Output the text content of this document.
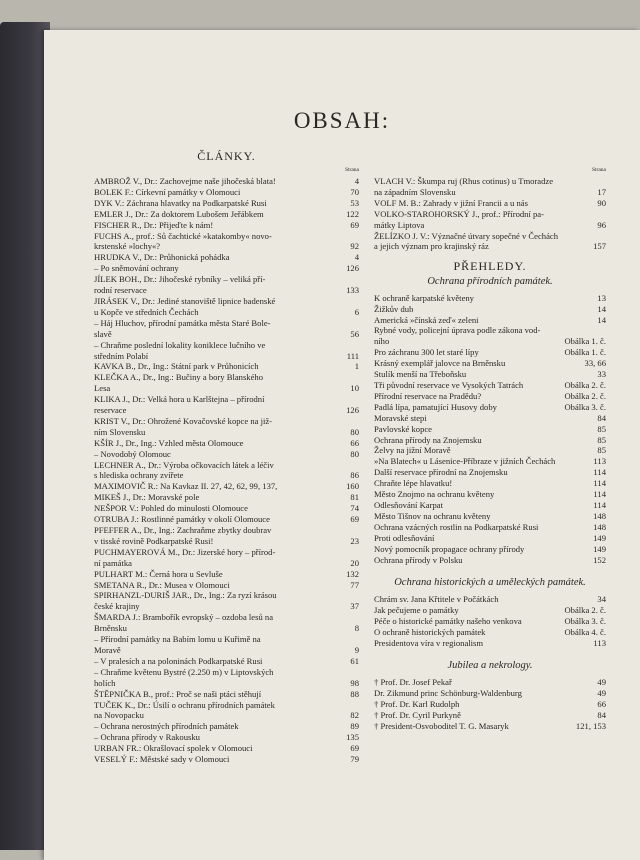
OBSAH:
ČLÁNKY.
Strana
AMBROŽ V., Dr.: Zachovejme naše jihočeská blata!	4
BOLEK F.: Církevní památky v Olomouci	70
DYK V.: Záchrana hlavatky na Podkarpatské Rusi	53
EMLER J., Dr.: Za doktorem Lubošem Jeřábkem	122
FISCHER R., Dr.: Přijeďte k nám!	69
FUCHS A., prof.: Sů čachtické »katakomby« novo-
krstenské »lochy«?	92
HRUDKA V., Dr.: Průhonická pohádka	4
– Po sněmování ochrany	126
JÍLEK BOH., Dr.: Jihočeské rybníky – veliká pří-
rodní reservace	133
JIRÁSEK V., Dr.: Jediné stanoviště lipnice badenské
u Kopče ve středních Čechách	6
– Háj Hluchov, přírodní památka města Staré Bole-
slavě	56
– Chraňme poslední lokality koniklece lučního ve
středním Polabí	111
KAVKA B., Dr., Ing.: Státní park v Průhonicích	1
KLEČKA A., Dr., Ing.: Bučiny a bory Blanského
Lesa	10
KLIKA J., Dr.: Velká hora u Karlštejna – přírodní
reservace	126
KRIST V., Dr.: Ohrožené Kovačovské kopce na již-
ním Slovensku	80
KŠÍR J., Dr., Ing.: Vzhled města Olomouce	66
– Novodobý Olomouc	80
LECHNER A., Dr.: Výroba očkovacích látek a léčiv
s hlediska ochrany zvířete	86
MAXIMOVIČ R.: Na Kavkaz II. 27, 42, 62, 99, 137,	160
MIKEŠ J., Dr.: Moravské pole	81
NEŠPOR V.: Pohled do minulosti Olomouce	74
OTRUBA J.: Rostlinné památky v okolí Olomouce	69
PFEFFER A., Dr., Ing.: Zachraňme zbytky doubrav
v tisské rovině Podkarpatské Rusi!	23
PUCHMAYEROVÁ M., Dr.: Jizerské hory – přírod-
ní památka	20
PULHART M.: Černá hora u Sevluše	132
SMETANA R., Dr.: Musea v Olomouci	77
SPIRHANZL-DURIŠ JAR., Dr., Ing.: Za ryzí krásou
české krajiny	37
ŠMARDA J.: Brambořík evropský – ozdoba lesů na
Brněnsku	8
– Přírodní památky na Babím lomu u Kuřimě na
Moravě	9
– V pralesích a na poloninách Podkarpatské Rusi	61
– Chraňme květenu Bystré (2.250 m) v Liptovských
holích	98
ŠTĚPNIČKA B., prof.: Proč se naši ptáci stěhují	88
TUČEK K., Dr.: Úsilí o ochranu přírodních památek
na Novopacku	82
– Ochrana nerostných přírodních památek	89
– Ochrana přírody v Rakousku	135
URBAN FR.: Okrašlovací spolek v Olomouci	69
VESELÝ F.: Městské sady v Olomouci	79
Strana
VLACH V.: Škumpa ruj (Rhus cotinus) u Tmoradze
na západním Slovensku	17
VOLF M. B.: Zahrady v jižní Francii a u nás	90
VOLKO-STAROHORSKÝ J., prof.: Přírodní pa-
mátky Liptova	96
ŽELÍZKO J. V.: Význačné útvary sopečné v Čechách
a jejich význam pro krajinský ráz	157
PŘEHLEDY.
Ochrana přírodních památek.
K ochraně karpatské květeny	13
Žižkův dub	14
Americká »čínská zeď« zeleni	14
Rybné vody, policejní úprava podle zákona vod-
ního	Obálka 1. č.
Pro záchranu 300 let staré lípy	Obálka 1. č.
Krásný exemplář jalovce na Brněnsku	33, 66
Stulík menší na Třeboňsku	33
Tři původní reservace ve Vysokých Tatrách	Obálka 2. č.
Přírodní reservace na Pradědu?	Obálka 2. č.
Padlá lípa, pamatující Husovy doby	Obálka 3. č.
Moravské stepi	84
Pavlovské kopce	85
Ochrana přírody na Znojemsku	85
Želvy na jižní Moravě	85
»Na Blatech« u Lásenice-Příbraze v jižních Čechách	113
Další reservace přírodní na Znojemsku	114
Chraňte lépe hlavatku!	114
Město Znojmo na ochranu květeny	114
Odlesňování Karpat	114
Město Tišnov na ochranu květeny	148
Ochrana vzácných rostlin na Podkarpatské Rusi	148
Proti odlesňování	149
Nový pomocník propagace ochrany přírody	149
Ochrana přírody v Polsku	152
Ochrana historických a uměleckých památek.
Chrám sv. Jana Křtitele v Počátkách	34
Jak pečujeme o památky	Obálka 2. č.
Péče o historické památky našeho venkova	Obálka 3. č.
O ochraně historických památek	Obálka 4. č.
Presidentova víra v regionalism	113
Jubilea a nekrology.
† Prof. Dr. Josef Pekař	49
Dr. Zikmund princ Schönburg-Waldenburg	49
† Prof. Dr. Karl Rudolph	66
† Prof. Dr. Cyril Purkyně	84
† President-Osvoboditel T. G. Masaryk	121, 153
